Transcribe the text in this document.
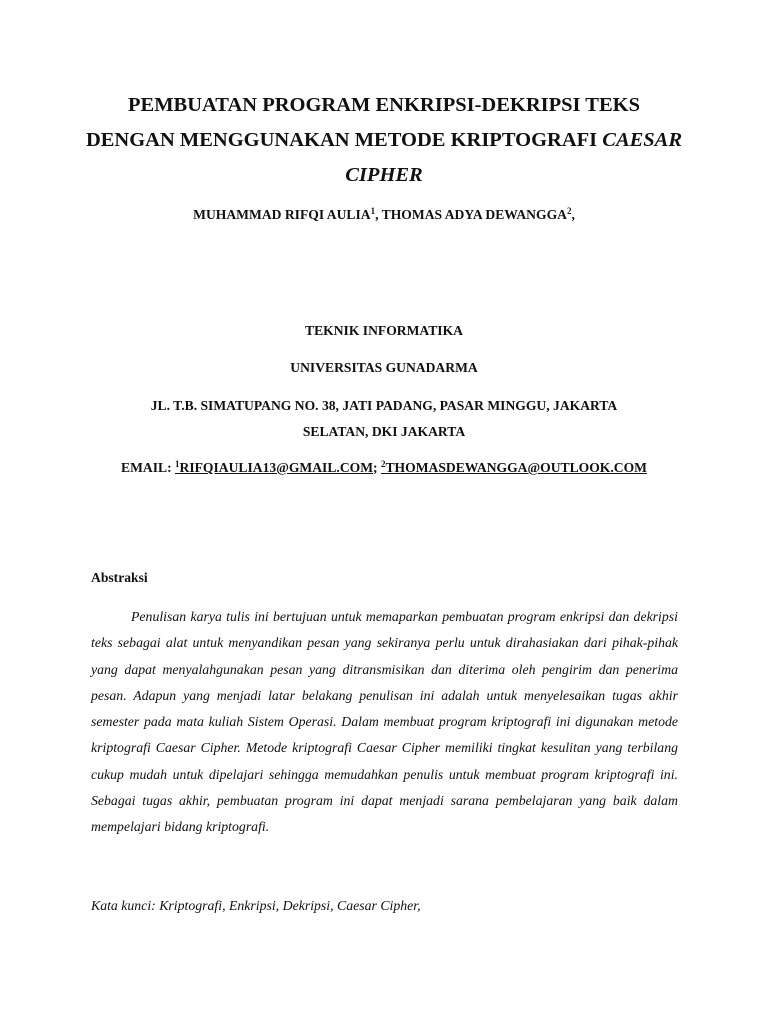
PEMBUATAN PROGRAM ENKRIPSI-DEKRIPSI TEKS
DENGAN MENGGUNAKAN METODE KRIPTOGRAFI CAESAR CIPHER
MUHAMMAD RIFQI AULIA$^1$, THOMAS ADYA DEWANGGA$^2$,
TEKNIK INFORMATIKA
UNIVERSITAS GUNADARMA
JL. T.B. SIMATUPANG NO. 38, JATI PADANG, PASAR MINGGU, JAKARTA
SELATAN, DKI JAKARTA
EMAIL: $^1$RIFQIAULIA13@GMAIL.COM; $^2$THOMASDEWANGGA@OUTLOOK.COM
Abstraksi
Penulisan karya tulis ini bertujuan untuk memaparkan pembuatan program enkripsi dan dekripsi teks sebagai alat untuk menyandikan pesan yang sekiranya perlu untuk dirahasiakan dari pihak-pihak yang dapat menyalahgunakan pesan yang ditransmisikan dan diterima oleh pengirim dan penerima pesan. Adapun yang menjadi latar belakang penulisan ini adalah untuk menyelesaikan tugas akhir semester pada mata kuliah Sistem Operasi. Dalam membuat program kriptografi ini digunakan metode kriptografi Caesar Cipher. Metode kriptografi Caesar Cipher memiliki tingkat kesulitan yang terbilang cukup mudah untuk dipelajari sehingga memudahkan penulis untuk membuat program kriptografi ini. Sebagai tugas akhir, pembuatan program ini dapat menjadi sarana pembelajaran yang baik dalam mempelajari bidang kriptografi.
Kata kunci: Kriptografi, Enkripsi, Dekripsi, Caesar Cipher,
